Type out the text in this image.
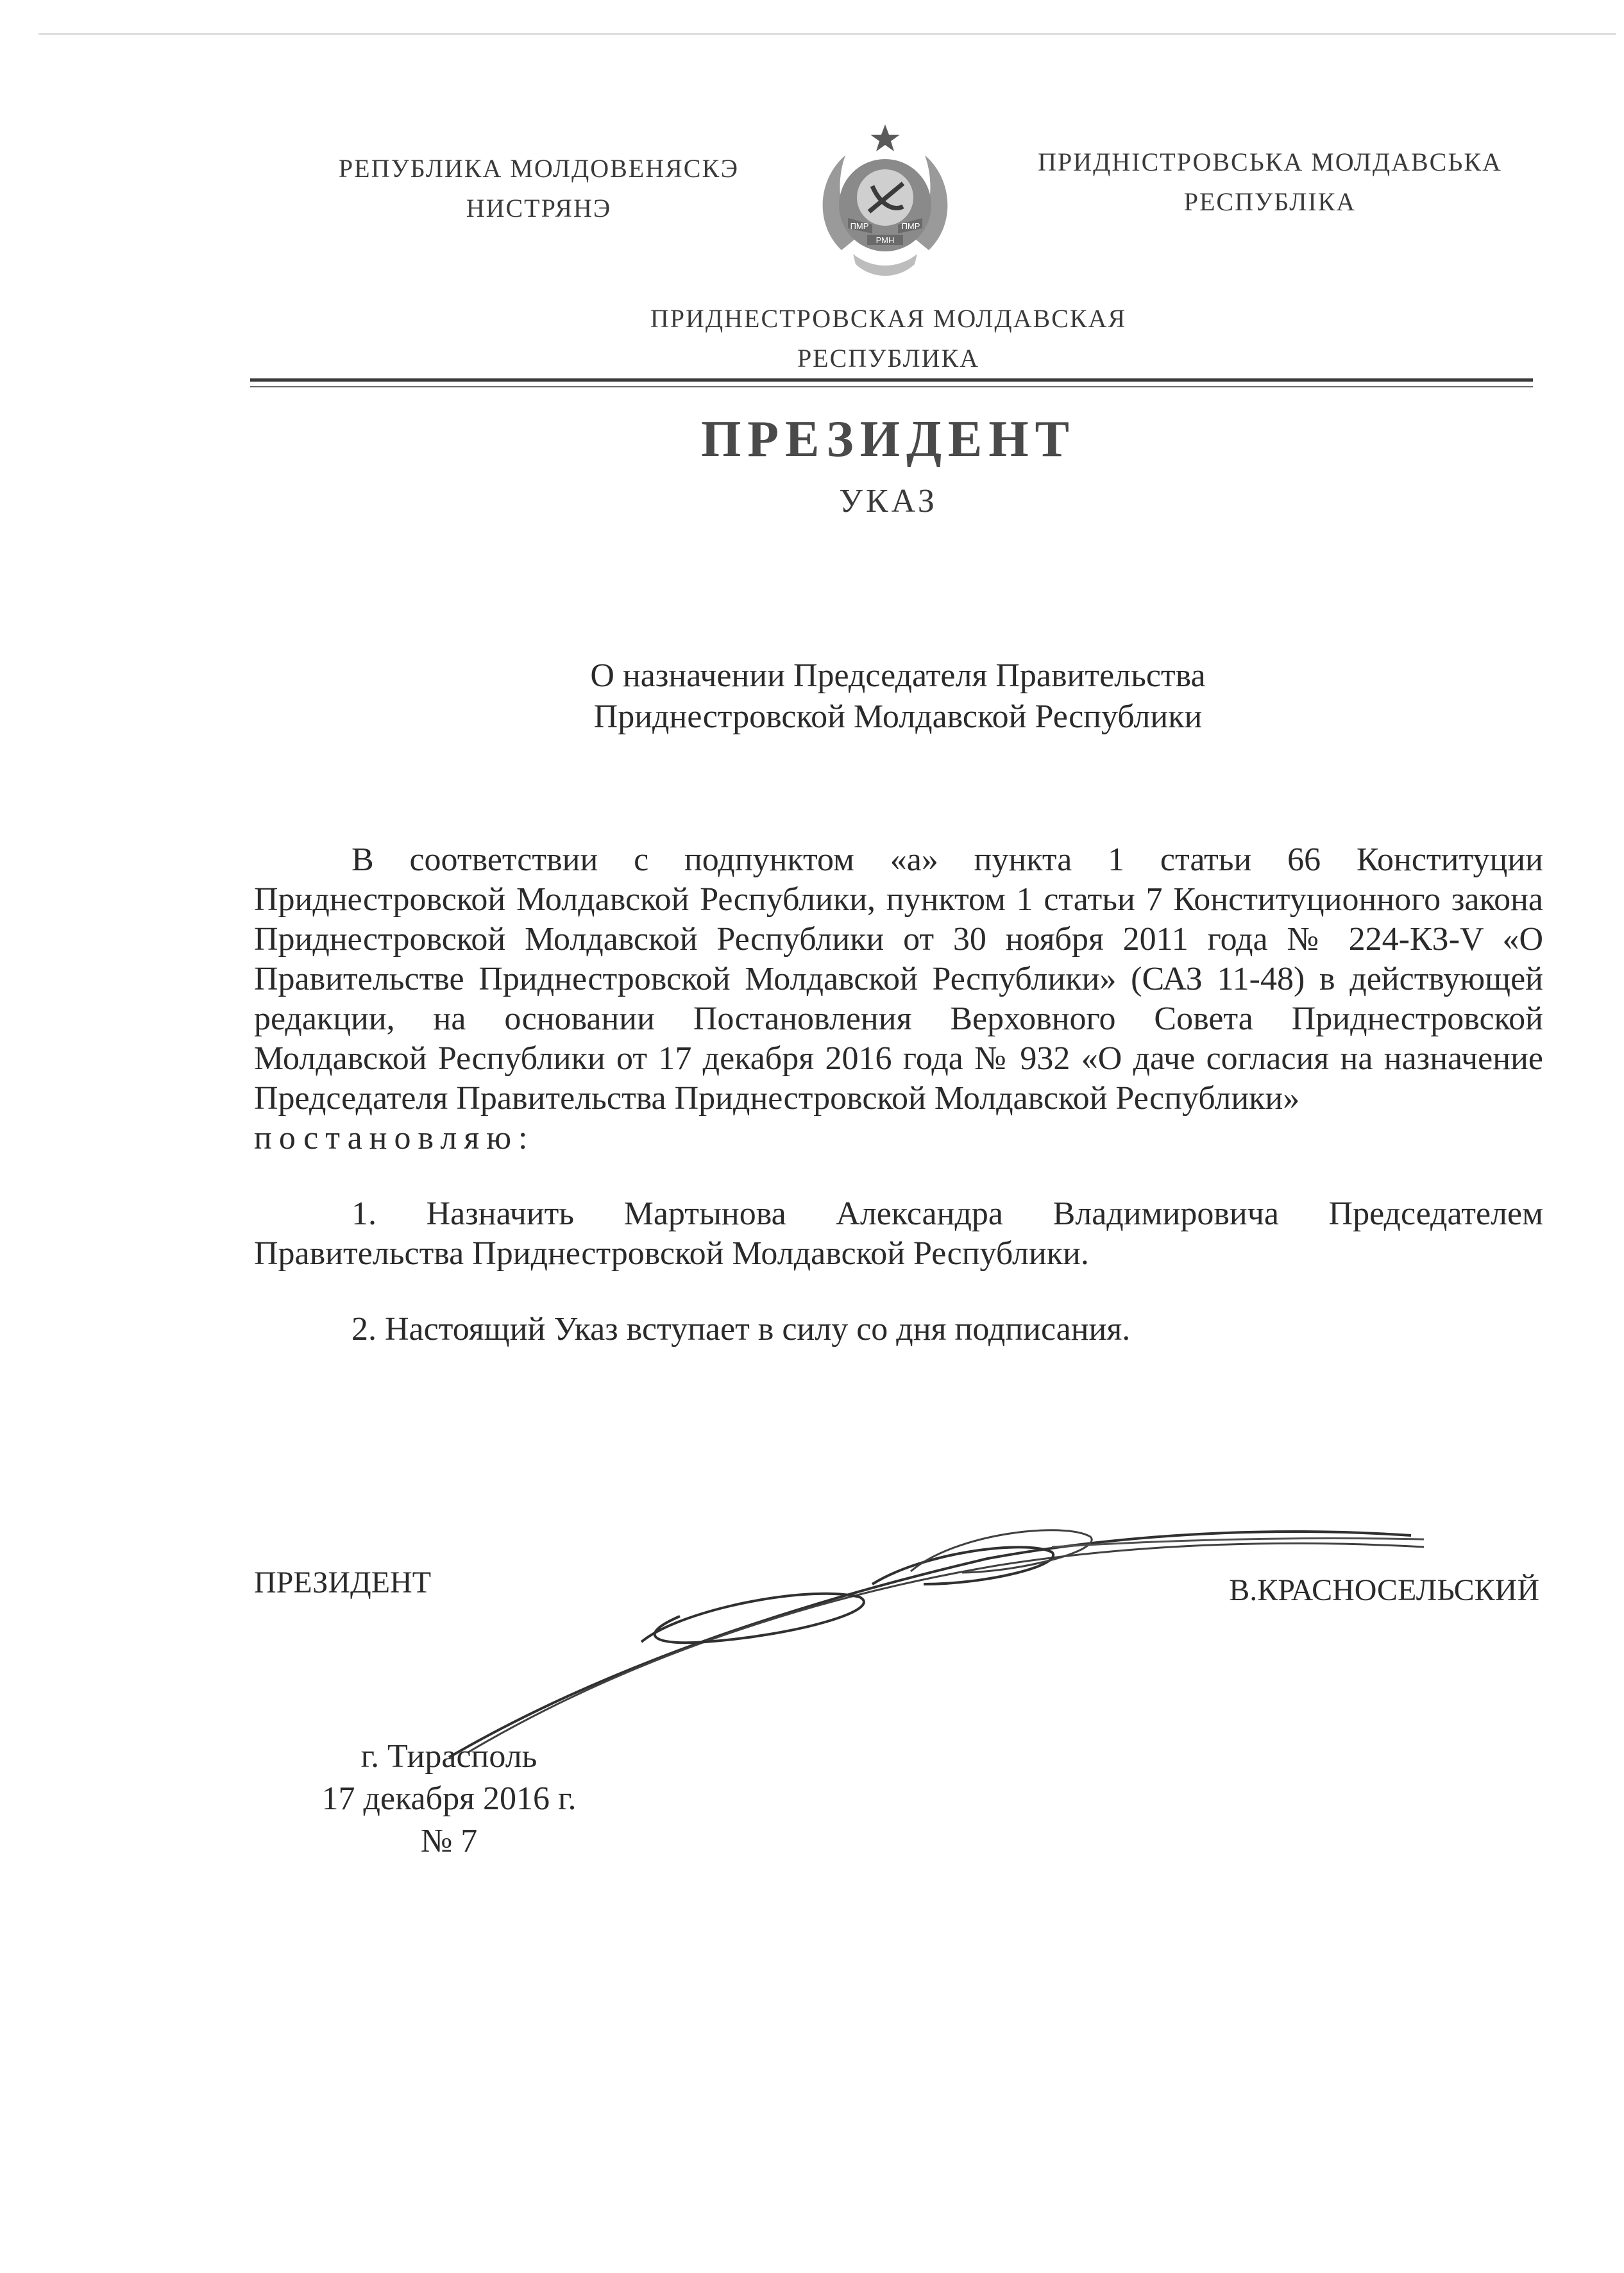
РЕПУБЛИКА МОЛДОВЕНЯСКЭ
НИСТРЯНЭ
ПМР	ПМР
РМН
ПРИДНІСТРОВСЬКА МОЛДАВСЬКА
РЕСПУБЛІКА
ПРИДНЕСТРОВСКАЯ МОЛДАВСКАЯ
РЕСПУБЛИКА
ПРЕЗИДЕНТ
УКАЗ
О назначении Председателя Правительства
Приднестровской Молдавской Республики

В соответствии с подпунктом «а» пункта 1 статьи 66 Конституции Приднестровской Молдавской Республики, пунктом 1 статьи 7 Конституционного закона Приднестровской Молдавской Республики от 30 ноября 2011 года № 224-КЗ-V «О Правительстве Приднестровской Молдавской Республики» (САЗ 11-48) в действующей редакции, на основании Постановления Верховного Совета Приднестровской Молдавской Республики от 17 декабря 2016 года № 932 «О даче согласия на назначение Председателя Правительства Приднестровской Молдавской Республики»

постановляю:

1. Назначить Мартынова Александра Владимировича Председателем Правительства Приднестровской Молдавской Республики.

2. Настоящий Указ вступает в силу со дня подписания.

ПРЕЗИДЕНТ	В.КРАСНОСЕЛЬСКИЙ
г. Тирасполь
17 декабря 2016 г.
№ 7
